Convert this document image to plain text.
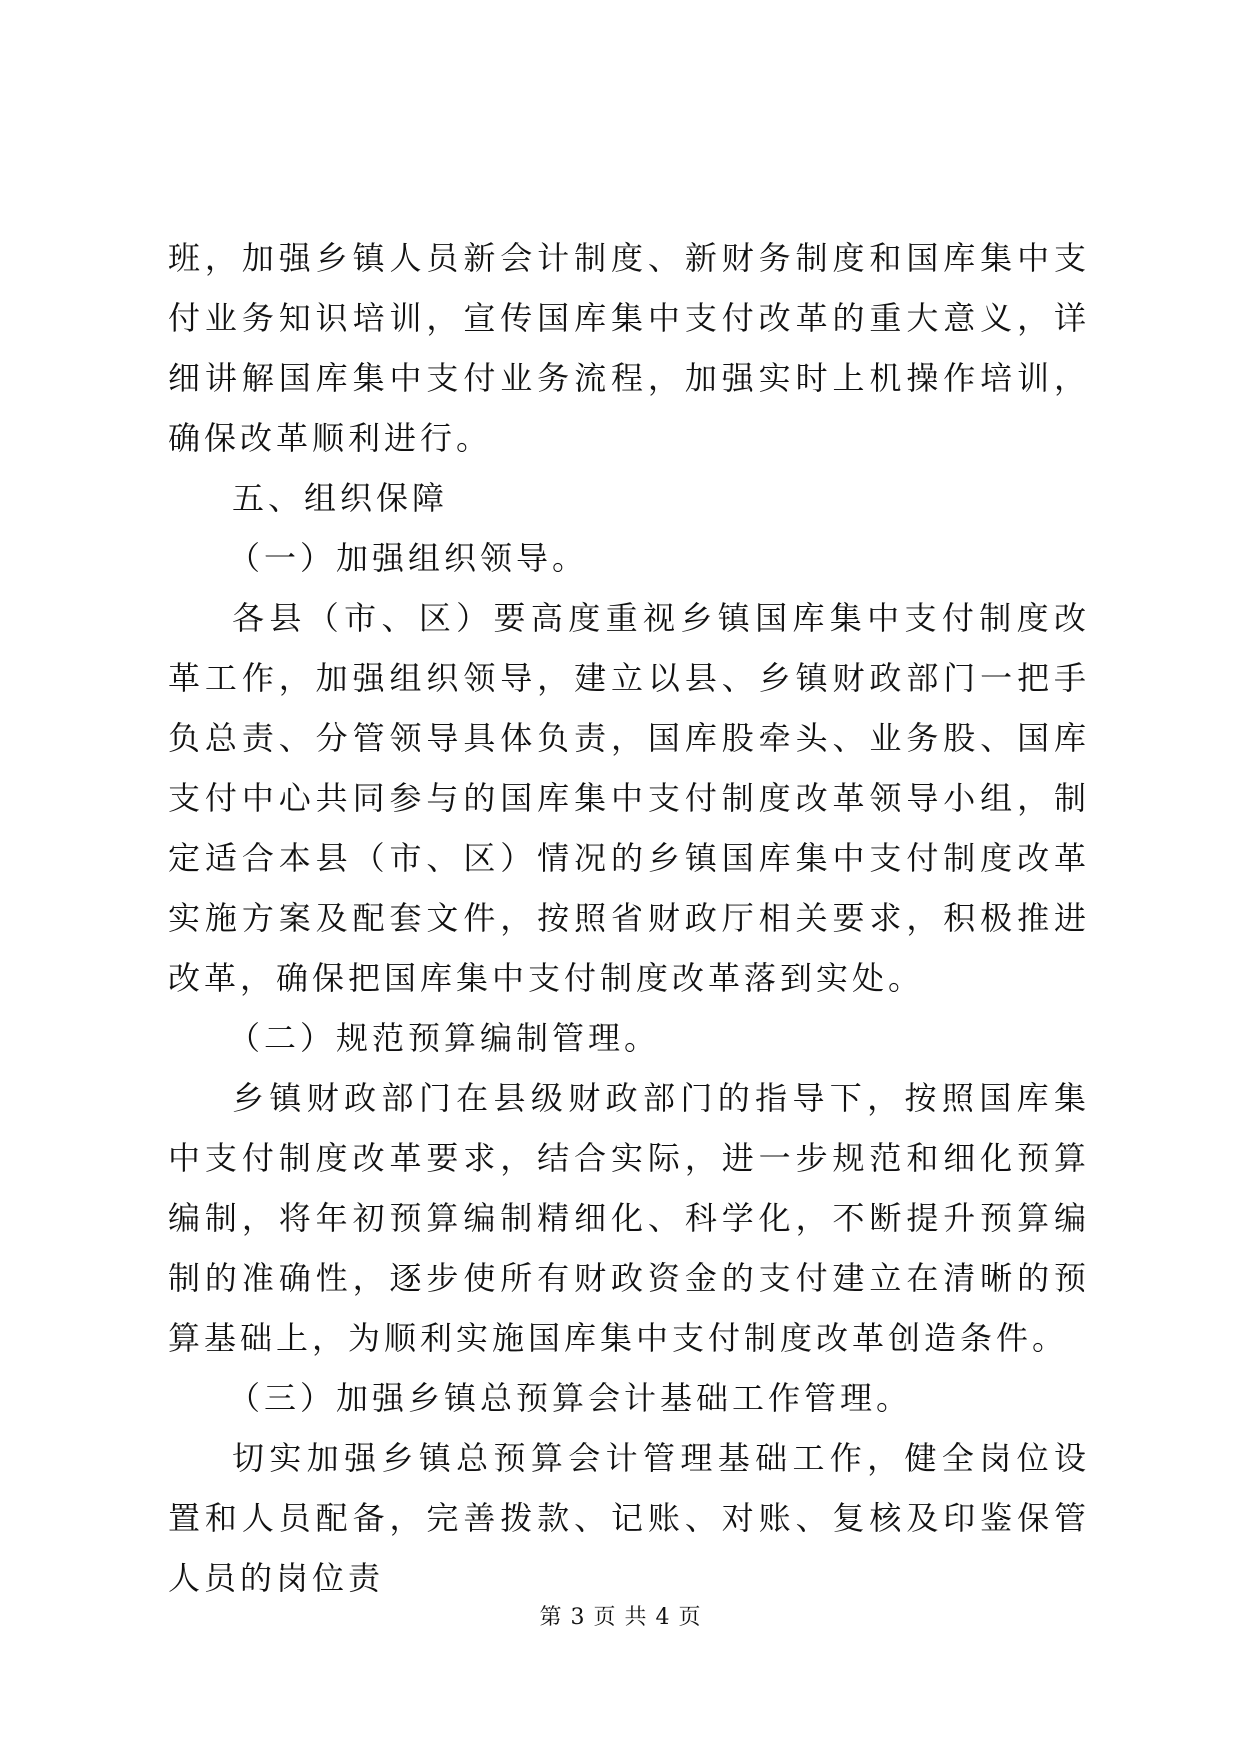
班，加强乡镇人员新会计制度、新财务制度和国库集中支付业务知识培训，宣传国库集中支付改革的重大意义，详细讲解国库集中支付业务流程，加强实时上机操作培训，确保改革顺利进行。

五、组织保障

（一）加强组织领导。

各县（市、区）要高度重视乡镇国库集中支付制度改革工作，加强组织领导，建立以县、乡镇财政部门一把手负总责、分管领导具体负责，国库股牵头、业务股、国库支付中心共同参与的国库集中支付制度改革领导小组，制定适合本县（市、区）情况的乡镇国库集中支付制度改革实施方案及配套文件，按照省财政厅相关要求，积极推进改革，确保把国库集中支付制度改革落到实处。

（二）规范预算编制管理。

乡镇财政部门在县级财政部门的指导下，按照国库集中支付制度改革要求，结合实际，进一步规范和细化预算编制，将年初预算编制精细化、科学化，不断提升预算编制的准确性，逐步使所有财政资金的支付建立在清晰的预算基础上，为顺利实施国库集中支付制度改革创造条件。

（三）加强乡镇总预算会计基础工作管理。

切实加强乡镇总预算会计管理基础工作，健全岗位设置和人员配备，完善拨款、记账、对账、复核及印鉴保管人员的岗位责

第 3 页 共 4 页
